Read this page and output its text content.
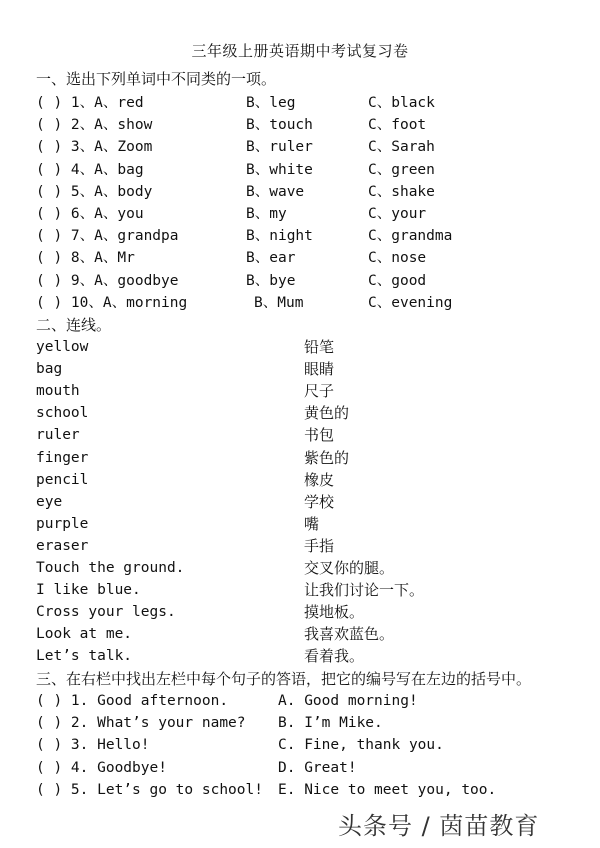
三年级上册英语期中考试复习卷
一、选出下列单词中不同类的一项。
( ) 1、A、red	B、leg	C、black
( ) 2、A、show	B、touch	C、foot
( ) 3、A、Zoom	B、ruler	C、Sarah
( ) 4、A、bag	B、white	C、green
( ) 5、A、body	B、wave	C、shake
( ) 6、A、you	B、my	C、your
( ) 7、A、grandpa	B、night	C、grandma
( ) 8、A、Mr	B、ear	C、nose
( ) 9、A、goodbye	B、bye	C、good
( ) 10、A、morning	B、Mum	C、evening
二、连线。
yellow	铅笔
bag	眼睛
mouth	尺子
school	黄色的
ruler	书包
finger	紫色的
pencil	橡皮
eye	学校
purple	嘴
eraser	手指
Touch the ground.	交叉你的腿。
I like blue.	让我们讨论一下。
Cross your legs.	摸地板。
Look at me.	我喜欢蓝色。
Let’s talk.	看着我。
三、在右栏中找出左栏中每个句子的答语，把它的编号写在左边的括号中。
( ) 1. Good afternoon.	A. Good morning!
( ) 2. What’s your name? B. I’m Mike.
( ) 3. Hello!	C. Fine, thank you.
( ) 4. Goodbye!	D. Great!
( ) 5. Let’s go to school! E. Nice to meet you, too.
头条号 / 茵苗教育
